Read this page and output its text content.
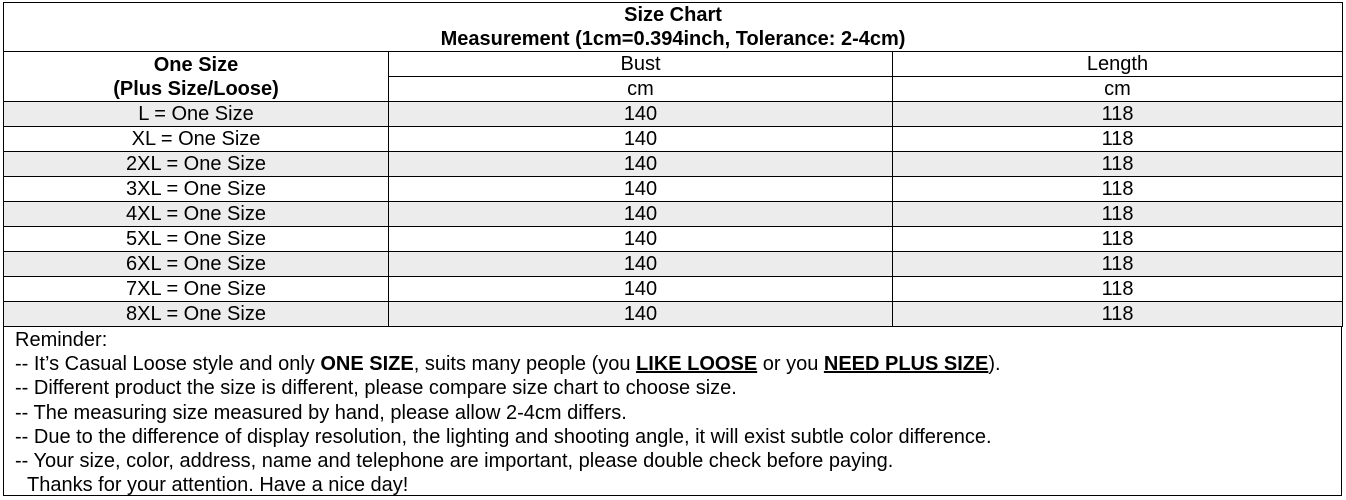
Size Chart
Measurement (1cm=0.394inch, Tolerance: 2-4cm)		

One Size
(Plus Size/Loose)	Bust	Length
	cm	cm
L = One Size	140	118
XL = One Size	140	118
2XL = One Size	140	118
3XL = One Size	140	118
4XL = One Size	140	118
5XL = One Size	140	118
6XL = One Size	140	118
7XL = One Size	140	118
8XL = One Size	140	118
Reminder:
-- It’s Casual Loose style and only ONE SIZE, suits many people (you LIKE LOOSE or you NEED PLUS SIZE).
-- Different product the size is different, please compare size chart to choose size.
-- The measuring size measured by hand, please allow 2-4cm differs.
-- Due to the difference of display resolution, the lighting and shooting angle, it will exist subtle color difference.
-- Your size, color, address, name and telephone are important, please double check before paying.
Thanks for your attention. Have a nice day!
